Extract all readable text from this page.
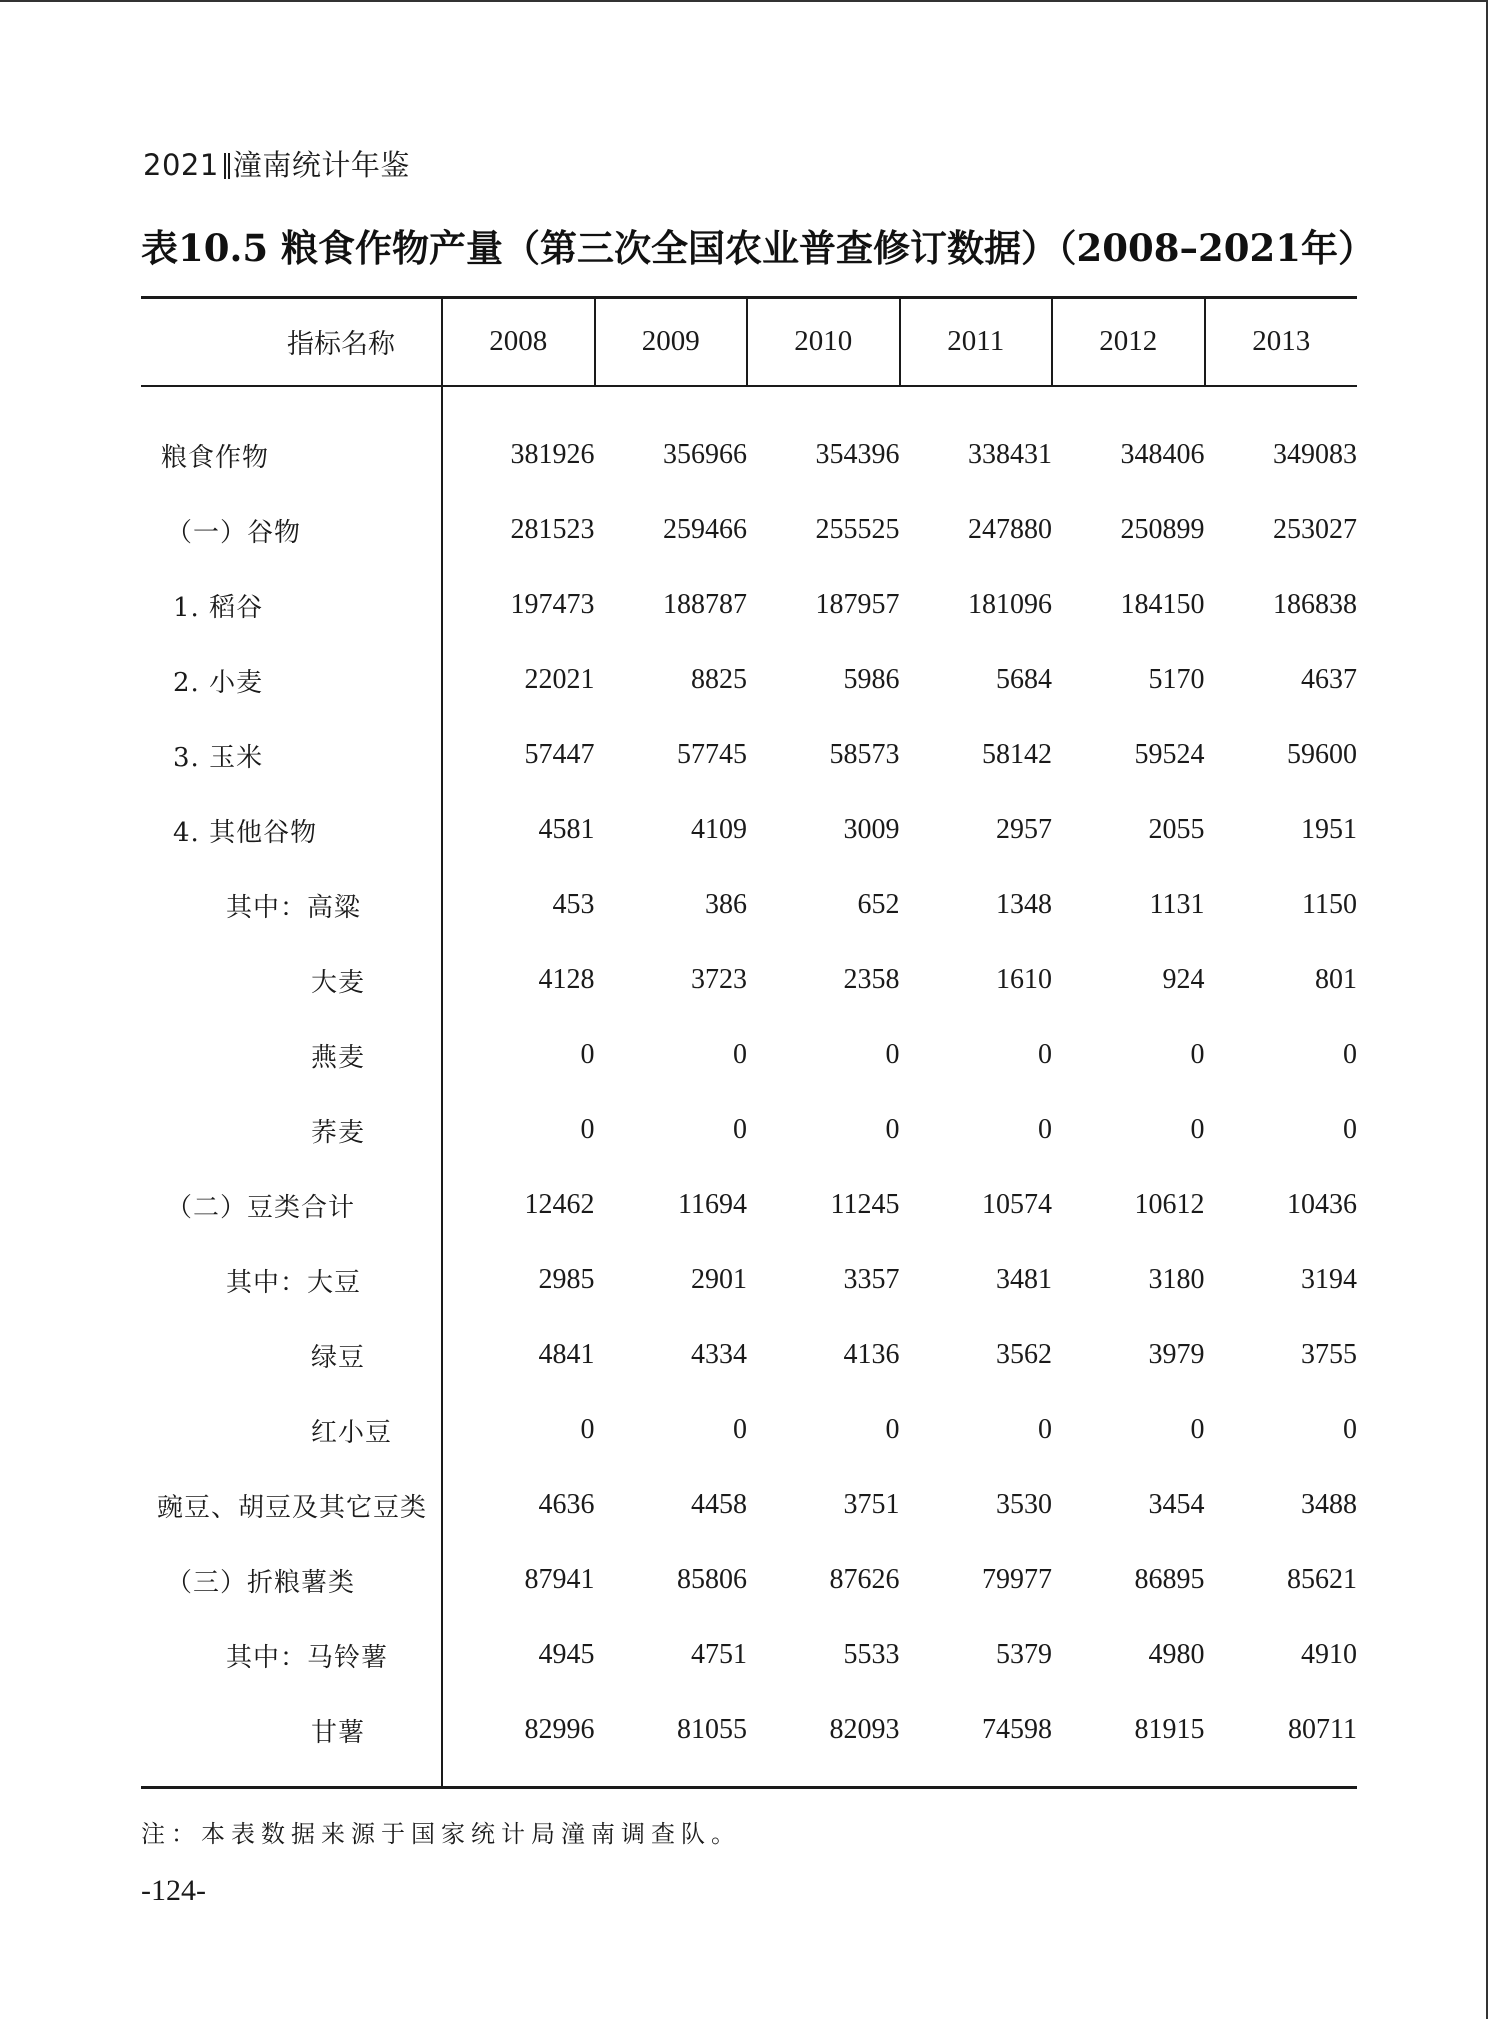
2021 潼南统计年鉴
表10.5 粮食作物产量（第三次全国农业普查修订数据）（2008–2021年）
指标名称	2008	2009	2010	2011	2012	2013

粮食作物	381926	356966	354396	338431	348406	349083
（一）谷物	281523	259466	255525	247880	250899	253027
1. 稻谷	197473	188787	187957	181096	184150	186838
2. 小麦	22021	8825	5986	5684	5170	4637
3. 玉米	57447	57745	58573	58142	59524	59600
4. 其他谷物	4581	4109	3009	2957	2055	1951
其中：高粱	453	386	652	1348	1131	1150
大麦	4128	3723	2358	1610	924	801
燕麦	0	0	0	0	0	0
荞麦	0	0	0	0	0	0
（二）豆类合计	12462	11694	11245	10574	10612	10436
其中：大豆	2985	2901	3357	3481	3180	3194
绿豆	4841	4334	4136	3562	3979	3755
红小豆	0	0	0	0	0	0
豌豆、胡豆及其它豆类	4636	4458	3751	3530	3454	3488
（三）折粮薯类	87941	85806	87626	79977	86895	85621
其中：马铃薯	4945	4751	5533	5379	4980	4910
甘薯	82996	81055	82093	74598	81915	80711

注：本表数据来源于国家统计局潼南调查队。
-124-
